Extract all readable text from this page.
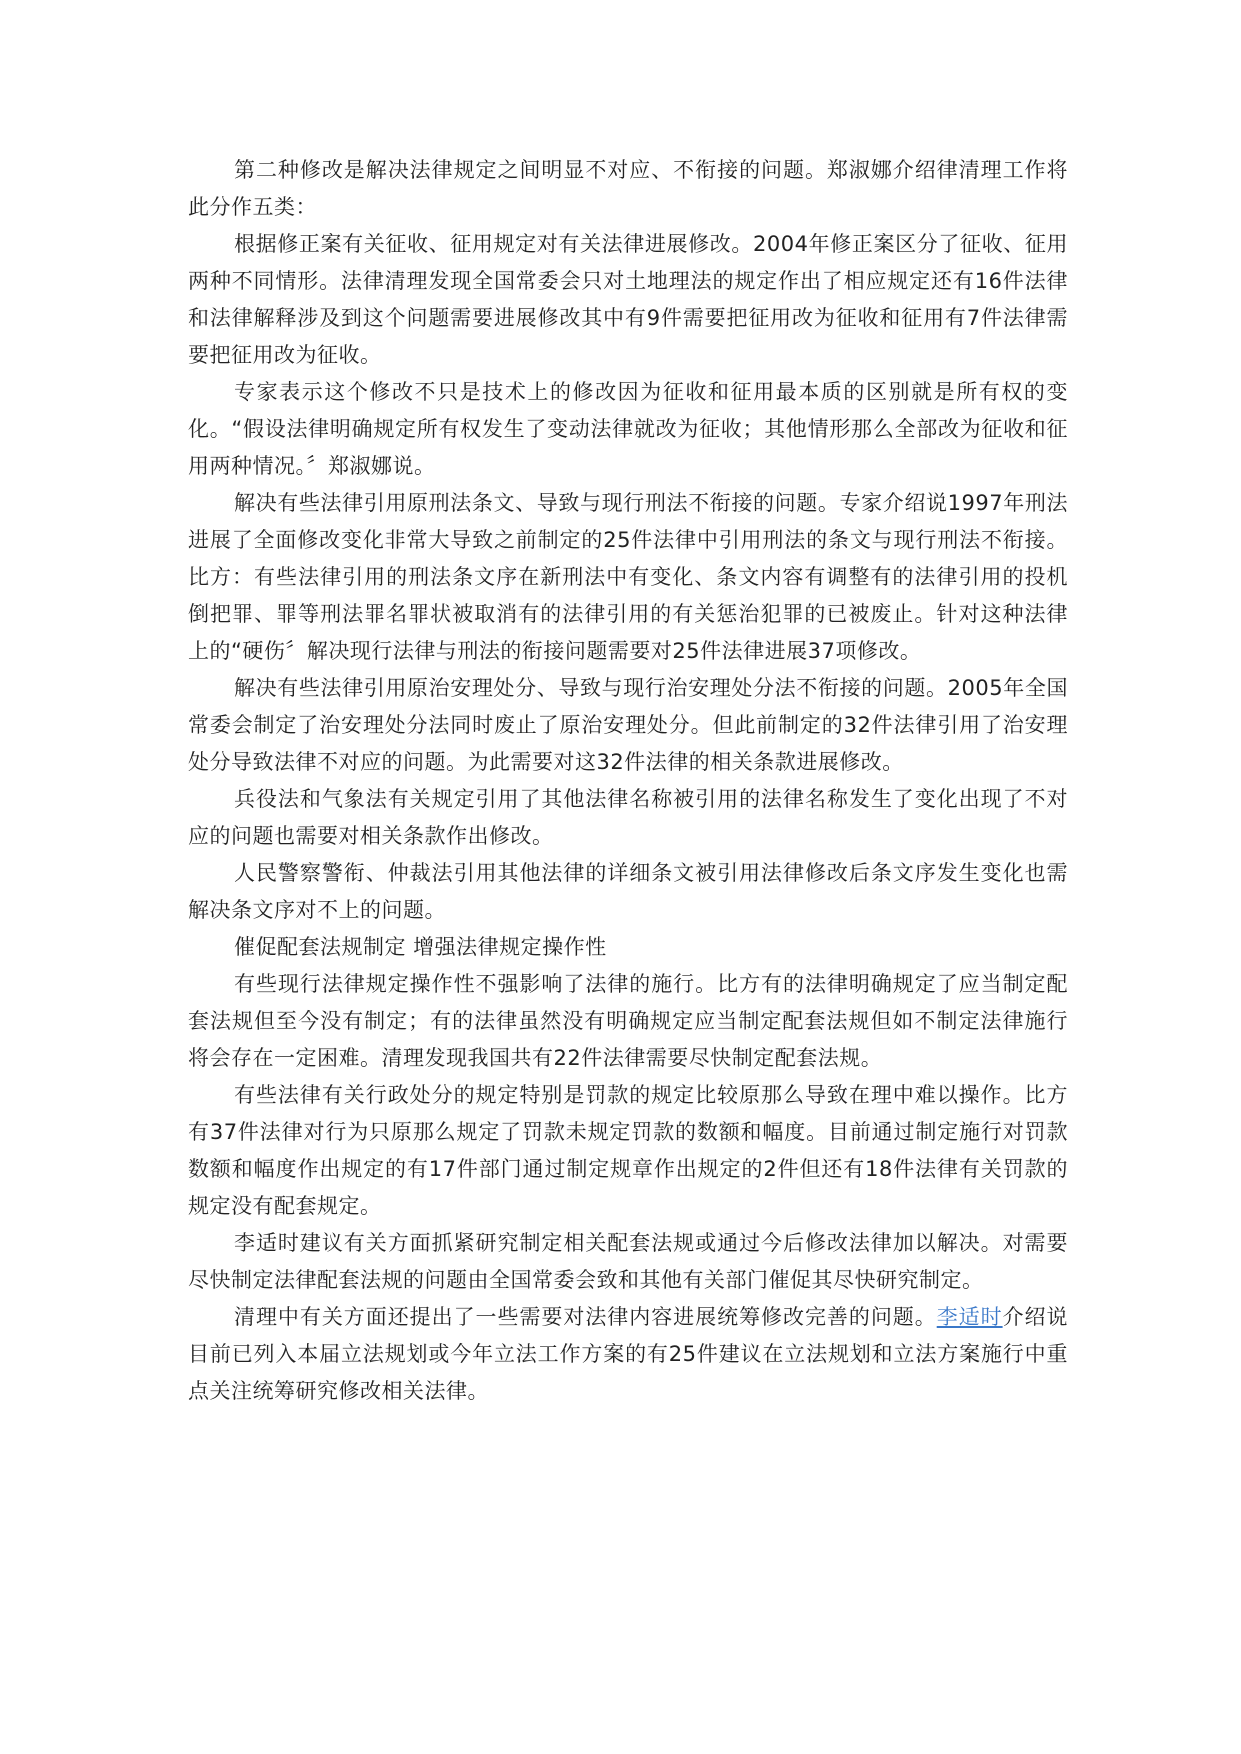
第二种修改是解决法律规定之间明显不对应、不衔接的问题。郑淑娜介绍律清理工作将此分作五类：

根据修正案有关征收、征用规定对有关法律进展修改。2004年修正案区分了征收、征用两种不同情形。法律清理发现全国常委会只对土地理法的规定作出了相应规定还有16件法律和法律解释涉及到这个问题需要进展修改其中有9件需要把征用改为征收和征用有7件法律需要把征用改为征收。

专家表示这个修改不只是技术上的修改因为征收和征用最本质的区别就是所有权的变化。“假设法律明确规定所有权发生了变动法律就改为征收；其他情形那么全部改为征收和征用两种情况。〞郑淑娜说。

解决有些法律引用原刑法条文、导致与现行刑法不衔接的问题。专家介绍说1997年刑法进展了全面修改变化非常大导致之前制定的25件法律中引用刑法的条文与现行刑法不衔接。比方：有些法律引用的刑法条文序在新刑法中有变化、条文内容有调整有的法律引用的投机倒把罪、罪等刑法罪名罪状被取消有的法律引用的有关惩治犯罪的已被废止。针对这种法律上的“硬伤〞解决现行法律与刑法的衔接问题需要对25件法律进展37项修改。

解决有些法律引用原治安理处分、导致与现行治安理处分法不衔接的问题。2005年全国常委会制定了治安理处分法同时废止了原治安理处分。但此前制定的32件法律引用了治安理处分导致法律不对应的问题。为此需要对这32件法律的相关条款进展修改。

兵役法和气象法有关规定引用了其他法律名称被引用的法律名称发生了变化出现了不对应的问题也需要对相关条款作出修改。

人民警察警衔、仲裁法引用其他法律的详细条文被引用法律修改后条文序发生变化也需解决条文序对不上的问题。

催促配套法规制定 增强法律规定操作性

有些现行法律规定操作性不强影响了法律的施行。比方有的法律明确规定了应当制定配套法规但至今没有制定；有的法律虽然没有明确规定应当制定配套法规但如不制定法律施行将会存在一定困难。清理发现我国共有22件法律需要尽快制定配套法规。

有些法律有关行政处分的规定特别是罚款的规定比较原那么导致在理中难以操作。比方有37件法律对行为只原那么规定了罚款未规定罚款的数额和幅度。目前通过制定施行对罚款数额和幅度作出规定的有17件部门通过制定规章作出规定的2件但还有18件法律有关罚款的规定没有配套规定。

李适时建议有关方面抓紧研究制定相关配套法规或通过今后修改法律加以解决。对需要尽快制定法律配套法规的问题由全国常委会致和其他有关部门催促其尽快研究制定。

清理中有关方面还提出了一些需要对法律内容进展统筹修改完善的问题。李适时介绍说目前已列入本届立法规划或今年立法工作方案的有25件建议在立法规划和立法方案施行中重点关注统筹研究修改相关法律。
